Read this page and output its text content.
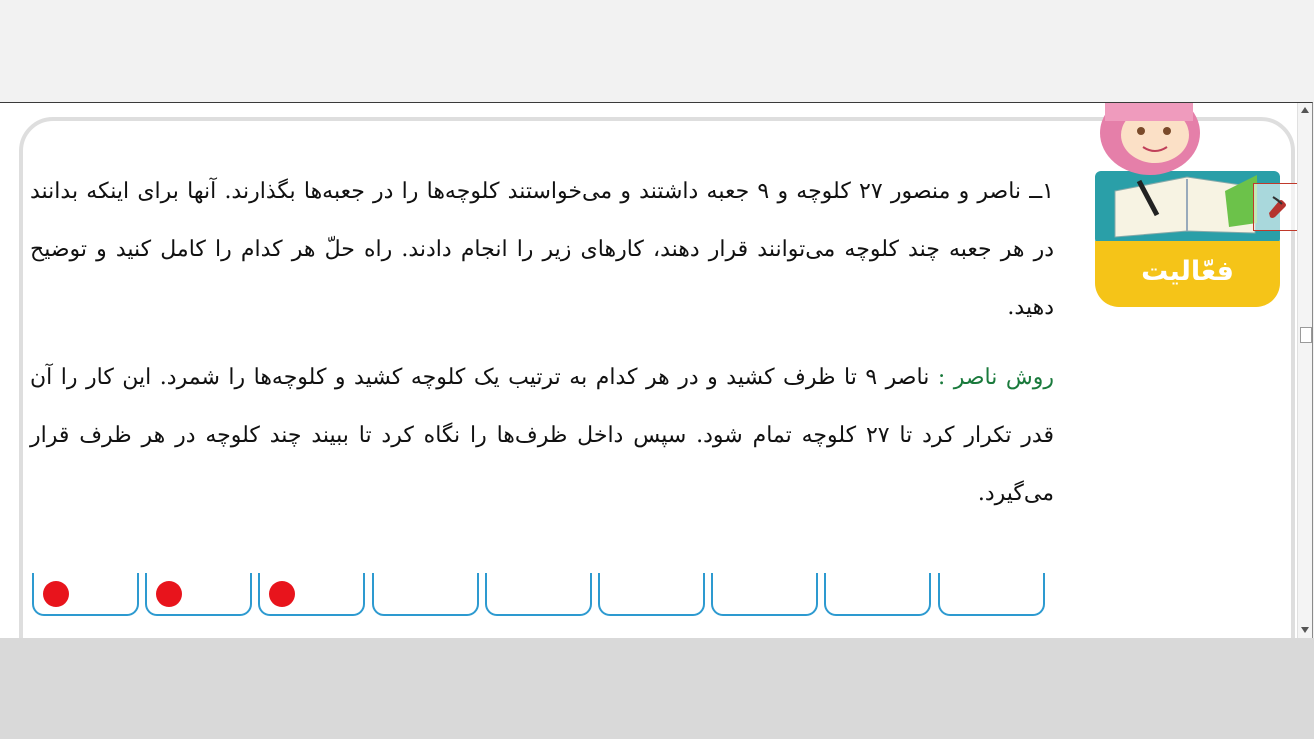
۱ــ ناصر و منصور ۲۷ کلوچه و ۹ جعبه داشتند و می‌خواستند کلوچه‌ها را در جعبه‌ها بگذارند. آنها برای اینکه بدانند در هر جعبه چند کلوچه می‌توانند قرار دهند، کارهای زیر را انجام دادند. راه حلّ هر کدام را کامل کنید و توضیح دهید.
روش ناصر : ناصر ۹ تا ظرف کشید و در هر کدام به ترتیب یک کلوچه کشید و کلوچه‌ها را شمرد. این کار را آن قدر تکرار کرد تا ۲۷ کلوچه تمام شود. سپس داخل ظرف‌ها را نگاه کرد تا ببیند چند کلوچه در هر ظرف قرار می‌گیرد.
فعّالیت
